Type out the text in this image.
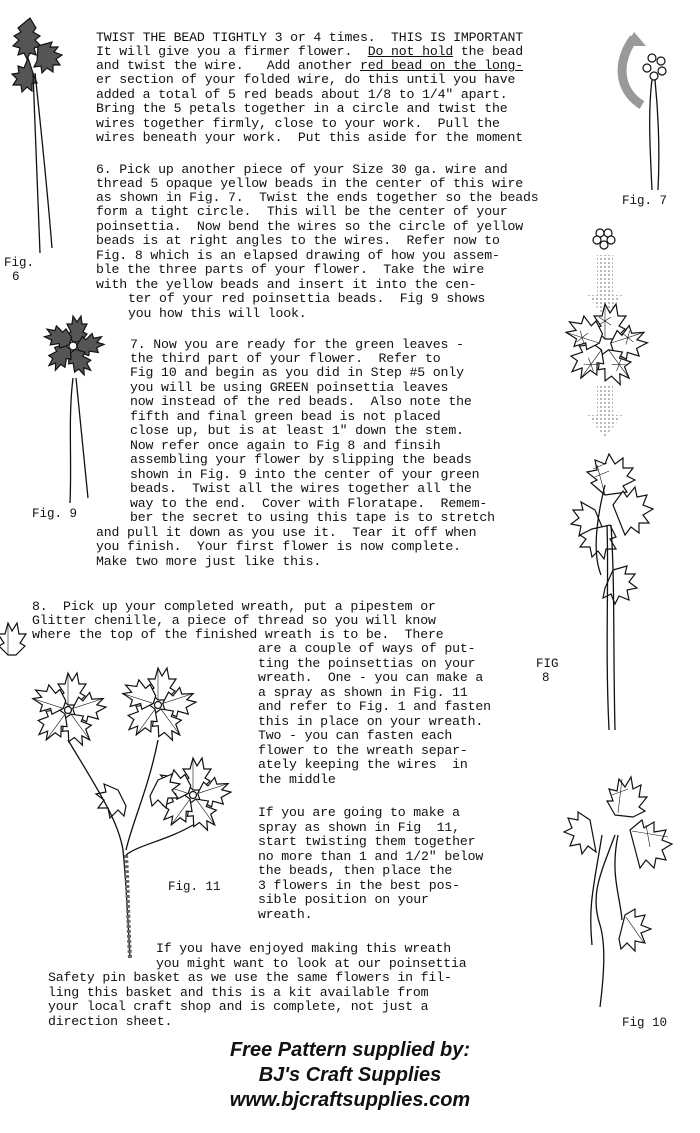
Fig.
6
Fig. 7
Fig. 9
FIG
8
Fig. 11
Fig 10
TWIST THE BEAD TIGHTLY 3 or 4 times.  THIS IS IMPORTANT
It will give you a firmer flower.  Do not hold the bead
and twist the wire.   Add another red bead on the long-
er section of your folded wire, do this until you have
added a total of 5 red beads about 1/8 to 1/4" apart.
Bring the 5 petals together in a circle and twist the
wires together firmly, close to your work.  Pull the
wires beneath your work.  Put this aside for the moment
6. Pick up another piece of your Size 30 ga. wire and
thread 5 opaque yellow beads in the center of this wire
as shown in Fig. 7.  Twist the ends together so the beads
form a tight circle.  This will be the center of your
poinsettia.  Now bend the wires so the circle of yellow
beads is at right angles to the wires.  Refer now to
Fig. 8 which is an elapsed drawing of how you assem-
ble the three parts of your flower.  Take the wire
with the yellow beads and insert it into the cen-
ter of your red poinsettia beads.  Fig 9 shows
you how this will look.
7. Now you are ready for the green leaves -
the third part of your flower.  Refer to
Fig 10 and begin as you did in Step #5 only
you will be using GREEN poinsettia leaves
now instead of the red beads.  Also note the
fifth and final green bead is not placed
close up, but is at least 1" down the stem.
Now refer once again to Fig 8 and finsih
assembling your flower by slipping the beads
shown in Fig. 9 into the center of your green
beads.  Twist all the wires together all the
way to the end.  Cover with Floratape.  Remem-
ber the secret to using this tape is to stretch
and pull it down as you use it.  Tear it off when
you finish.  Your first flower is now complete.
Make two more just like this.
8.  Pick up your completed wreath, put a pipestem or
Glitter chenille, a piece of thread so you will know
where the top of the finished wreath is to be.  There
are a couple of ways of put-
ting the poinsettias on your
wreath.  One - you can make a
a spray as shown in Fig. 11
and refer to Fig. 1 and fasten
this in place on your wreath.
Two - you can fasten each
flower to the wreath separ-
ately keeping the wires  in
the middle
If you are going to make a
spray as shown in Fig  11,
start twisting them together
no more than 1 and 1/2" below
the beads, then place the
3 flowers in the best pos-
sible position on your
wreath.
If you have enjoyed making this wreath
you might want to look at our poinsettia
Safety pin basket as we use the same flowers in fil-
ling this basket and this is a kit available from
your local craft shop and is complete, not just a
direction sheet.
Free Pattern supplied by:
BJ's Craft Supplies
www.bjcraftsupplies.com
